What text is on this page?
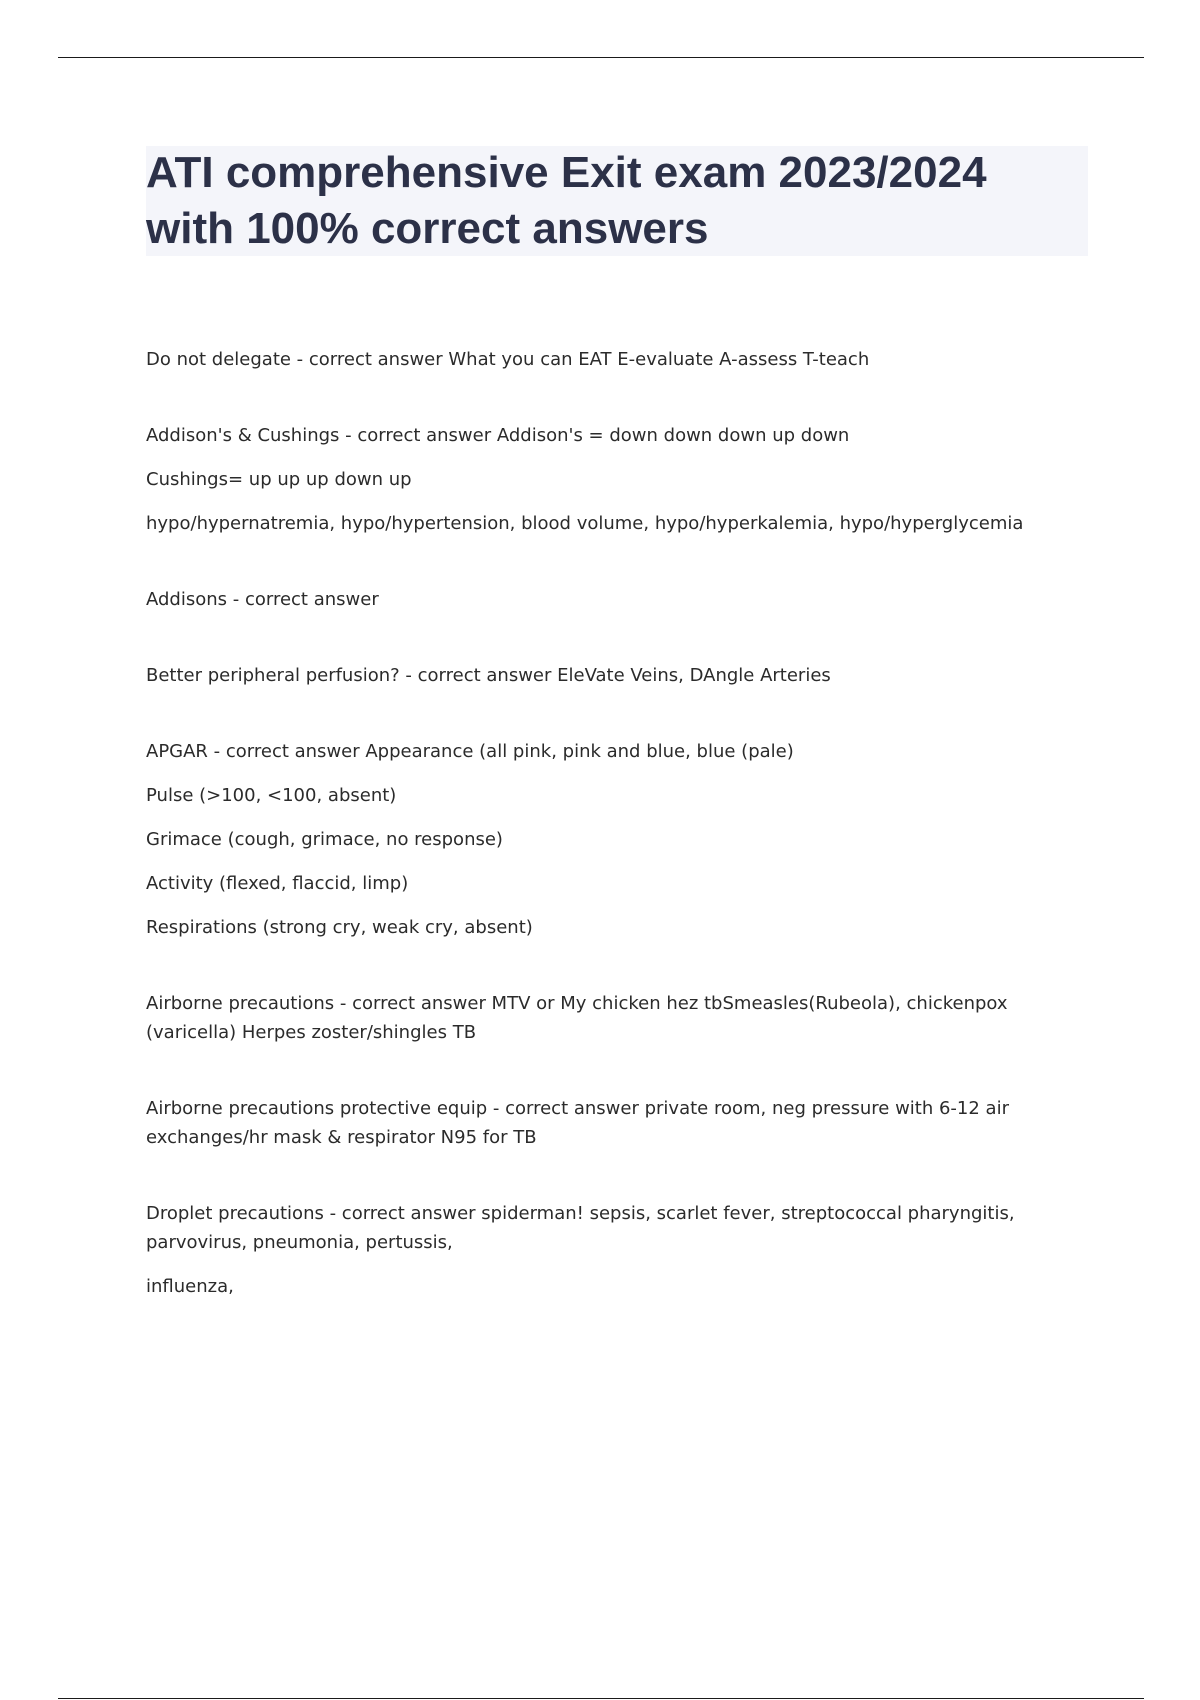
ATI comprehensive Exit exam 2023/2024
with 100% correct answers
Do not delegate - correct answer What you can EAT E-evaluate A-assess T-teach
Addison's & Cushings - correct answer Addison's = down down down up down
Cushings= up up up down up
hypo/hypernatremia, hypo/hypertension, blood volume, hypo/hyperkalemia, hypo/hyperglycemia
Addisons - correct answer
Better peripheral perfusion? - correct answer EleVate Veins, DAngle Arteries
APGAR - correct answer Appearance (all pink, pink and blue, blue (pale)
Pulse (>100, <100, absent)
Grimace (cough, grimace, no response)
Activity (flexed, flaccid, limp)
Respirations (strong cry, weak cry, absent)
Airborne precautions - correct answer MTV or My chicken hez tbSmeasles(Rubeola), chickenpox
(varicella) Herpes zoster/shingles TB
Airborne precautions protective equip - correct answer private room, neg pressure with 6-12 air
exchanges/hr mask & respirator N95 for TB
Droplet precautions - correct answer spiderman! sepsis, scarlet fever, streptococcal pharyngitis,
parvovirus, pneumonia, pertussis,
influenza,
